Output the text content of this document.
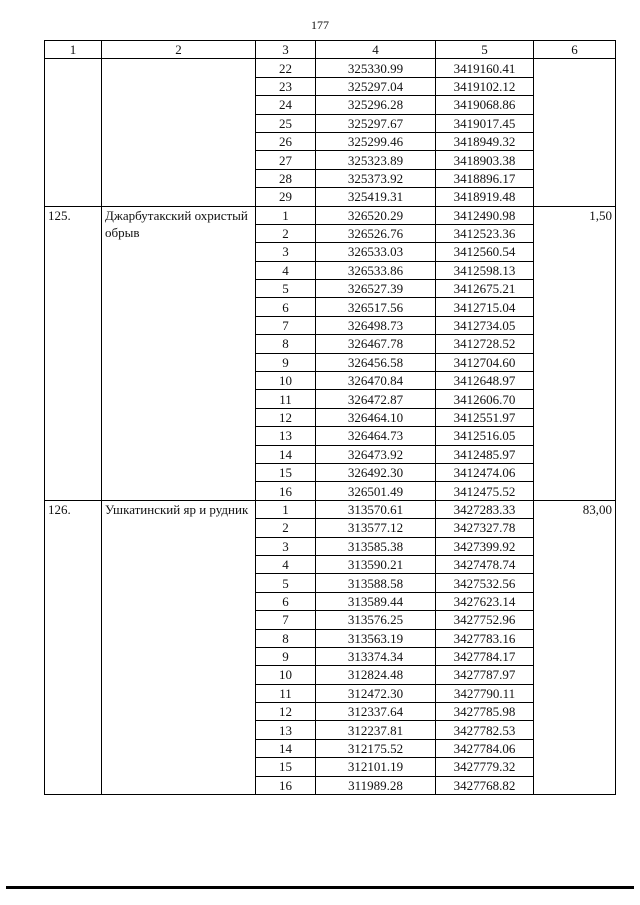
177
1	2	3	4	5	6
		22	325330.99	3419160.41	
		23	325297.04	3419102.12	
		24	325296.28	3419068.86	
		25	325297.67	3419017.45	
		26	325299.46	3418949.32	
		27	325323.89	3418903.38	
		28	325373.92	3418896.17	
		29	325419.31	3418919.48	
125.	Джарбутакский охристый обрыв	1	326520.29	3412490.98	1,50
		2	326526.76	3412523.36	
		3	326533.03	3412560.54	
		4	326533.86	3412598.13	
		5	326527.39	3412675.21	
		6	326517.56	3412715.04	
		7	326498.73	3412734.05	
		8	326467.78	3412728.52	
		9	326456.58	3412704.60	
		10	326470.84	3412648.97	
		11	326472.87	3412606.70	
		12	326464.10	3412551.97	
		13	326464.73	3412516.05	
		14	326473.92	3412485.97	
		15	326492.30	3412474.06	
		16	326501.49	3412475.52	
126.	Ушкатинский яр и рудник	1	313570.61	3427283.33	83,00
		2	313577.12	3427327.78	
		3	313585.38	3427399.92	
		4	313590.21	3427478.74	
		5	313588.58	3427532.56	
		6	313589.44	3427623.14	
		7	313576.25	3427752.96	
		8	313563.19	3427783.16	
		9	313374.34	3427784.17	
		10	312824.48	3427787.97	
		11	312472.30	3427790.11	
		12	312337.64	3427785.98	
		13	312237.81	3427782.53	
		14	312175.52	3427784.06	
		15	312101.19	3427779.32	
		16	311989.28	3427768.82	
